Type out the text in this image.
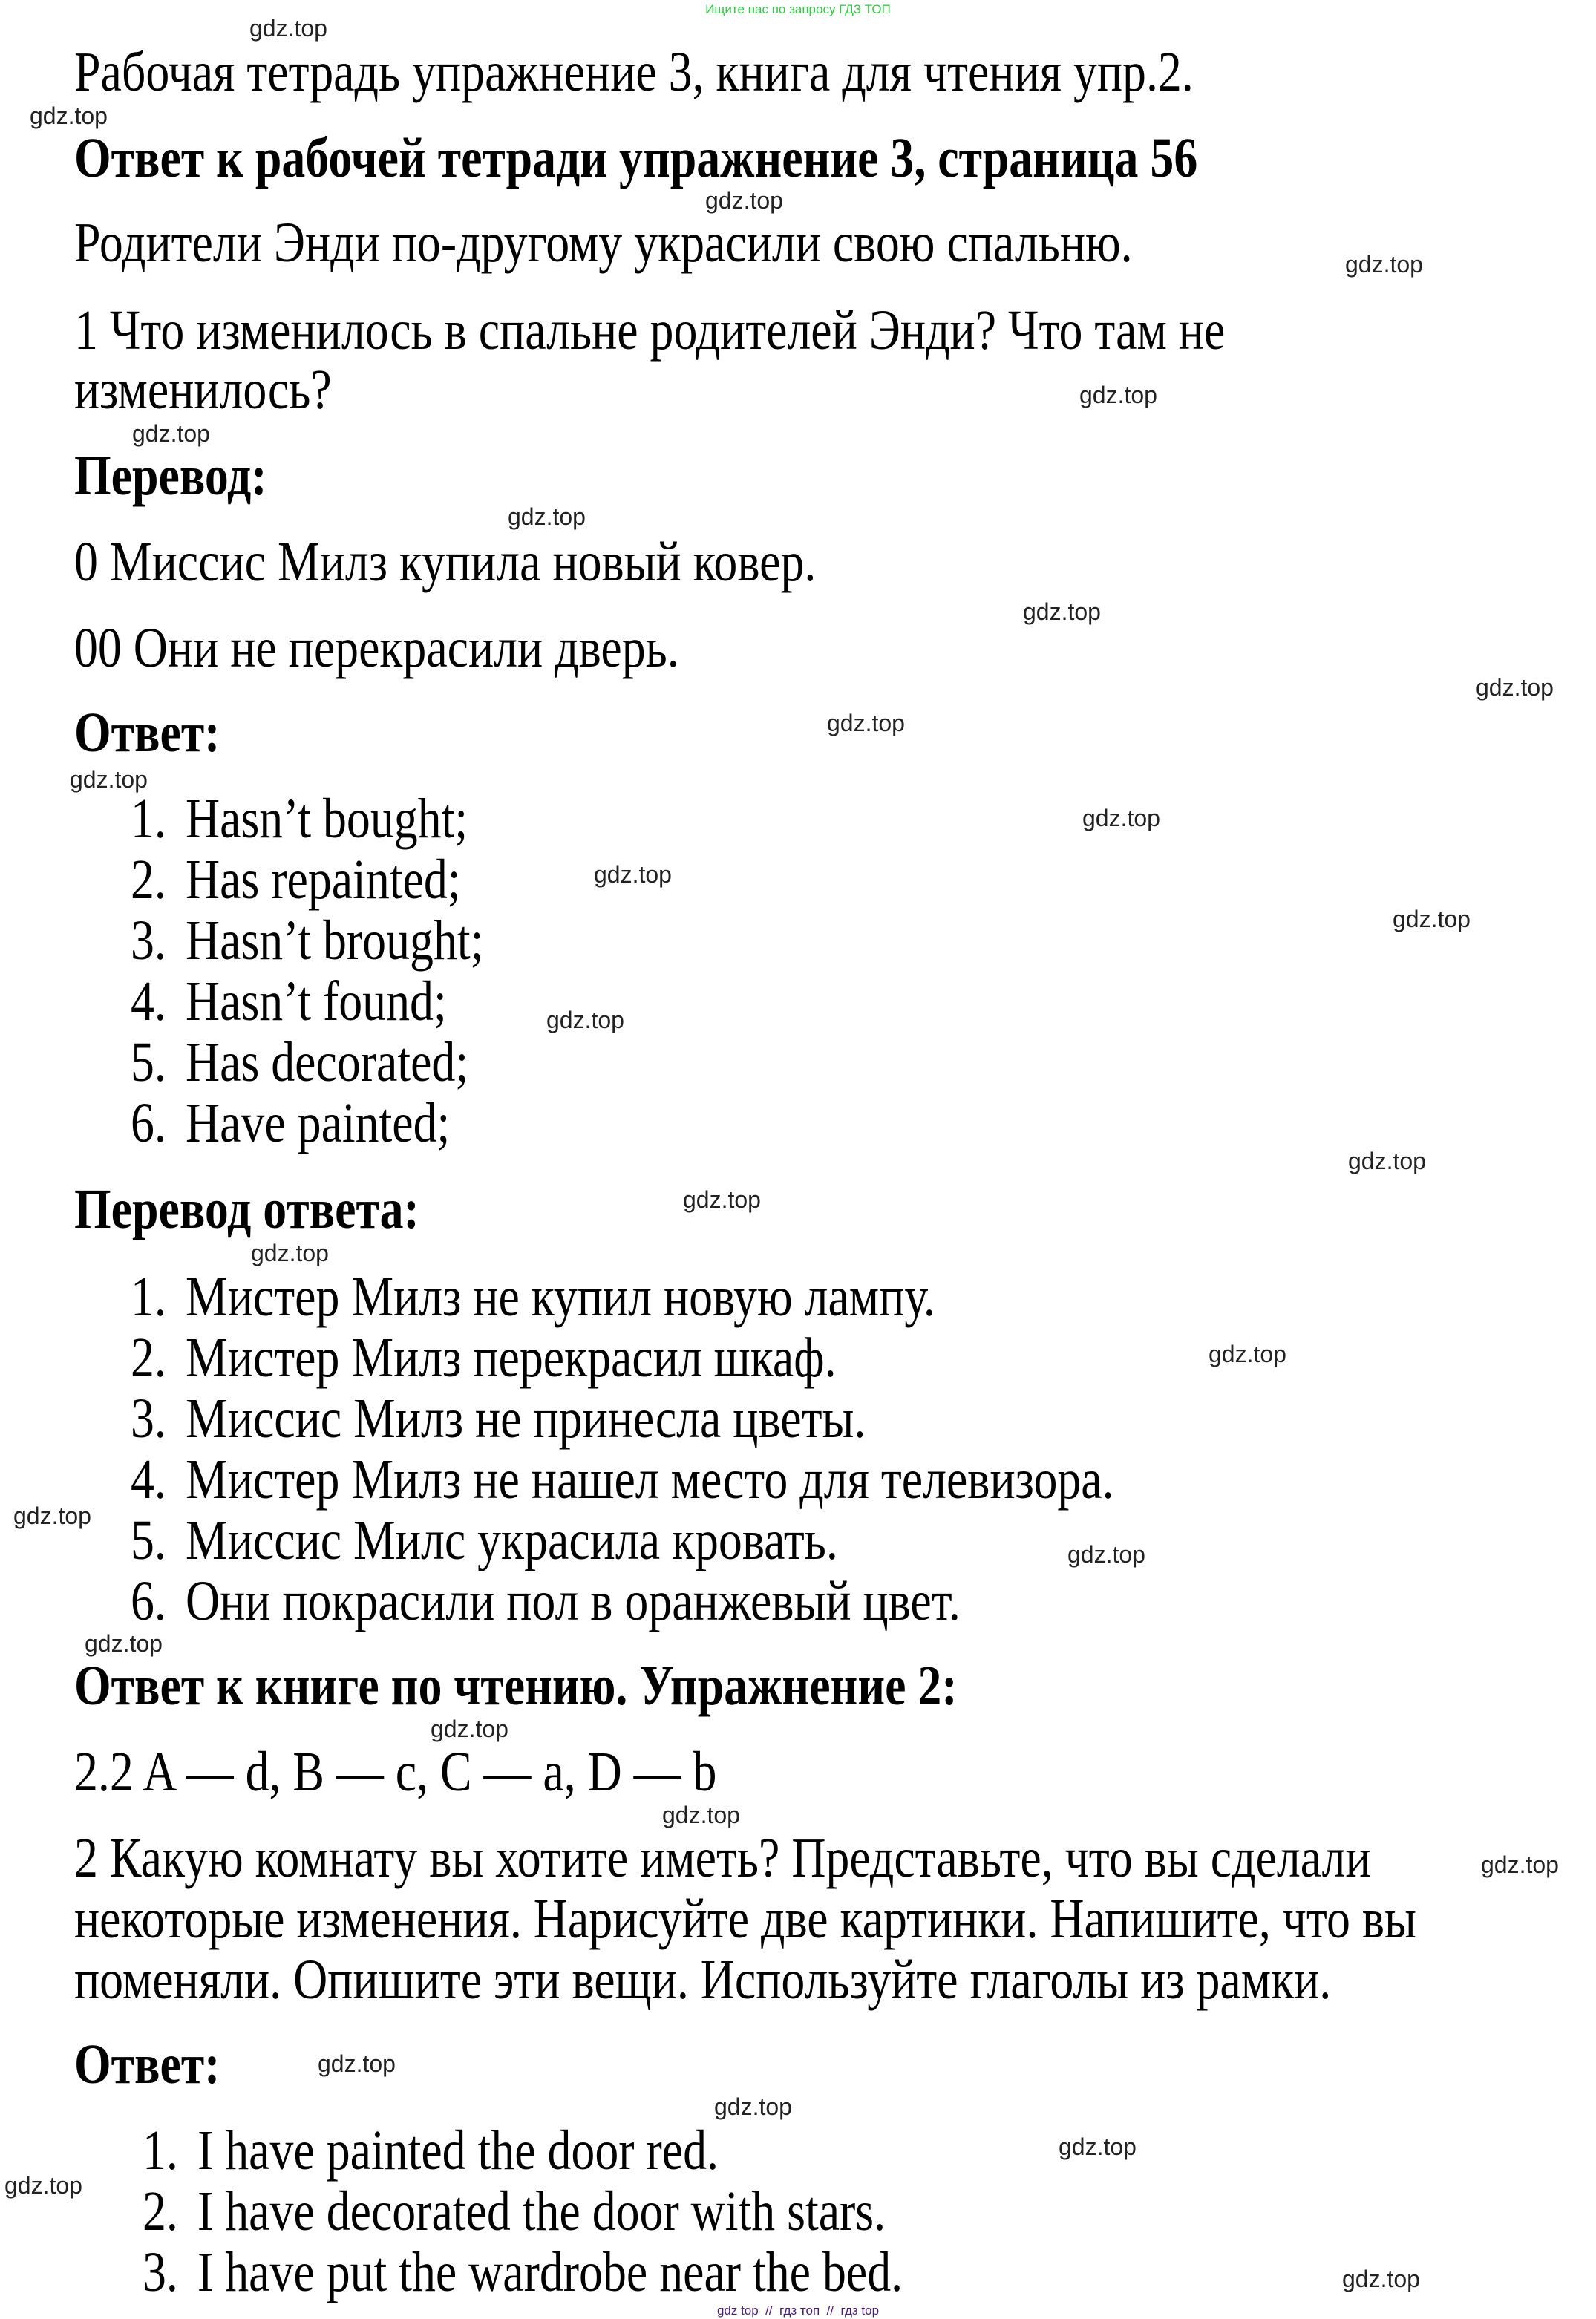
Ищите нас по запросу ГДЗ ТОП
Рабочая тетрадь упражнение 3, книга для чтения упр.2.
Ответ к рабочей тетради упражнение 3, страница 56
Родители Энди по-другому украсили свою спальню.
1 Что изменилось в спальне родителей Энди? Что там не
изменилось?
Перевод:
0 Миссис Милз купила новый ковер.
00 Они не перекрасили дверь.
Ответ:
1. Hasn’t bought;
2. Has repainted;
3. Hasn’t brought;
4. Hasn’t found;
5. Has decorated;
6. Have painted;
Перевод ответа:
1. Мистер Милз не купил новую лампу.
2. Мистер Милз перекрасил шкаф.
3. Миссис Милз не принесла цветы.
4. Мистер Милз не нашел место для телевизора.
5. Миссис Милс украсила кровать.
6. Они покрасили пол в оранжевый цвет.
Ответ к книге по чтению. Упражнение 2:
2.2 A — d, B — c, C — a, D — b
2 Какую комнату вы хотите иметь? Представьте, что вы сделали
некоторые изменения. Нарисуйте две картинки. Напишите, что вы
поменяли. Опишите эти вещи. Используйте глаголы из рамки.
Ответ:
1. I have painted the door red.
2. I have decorated the door with stars.
3. I have put the wardrobe near the bed.
gdz.top
gdz.top
gdz.top
gdz.top
gdz.top
gdz.top
gdz.top
gdz.top
gdz.top
gdz.top
gdz.top
gdz.top
gdz.top
gdz.top
gdz.top
gdz.top
gdz.top
gdz.top
gdz.top
gdz.top
gdz.top
gdz.top
gdz.top
gdz.top
gdz.top
gdz.top
gdz.top
gdz.top
gdz.top
gdz.top
gdz top  //  гдз топ  //  гдз top
